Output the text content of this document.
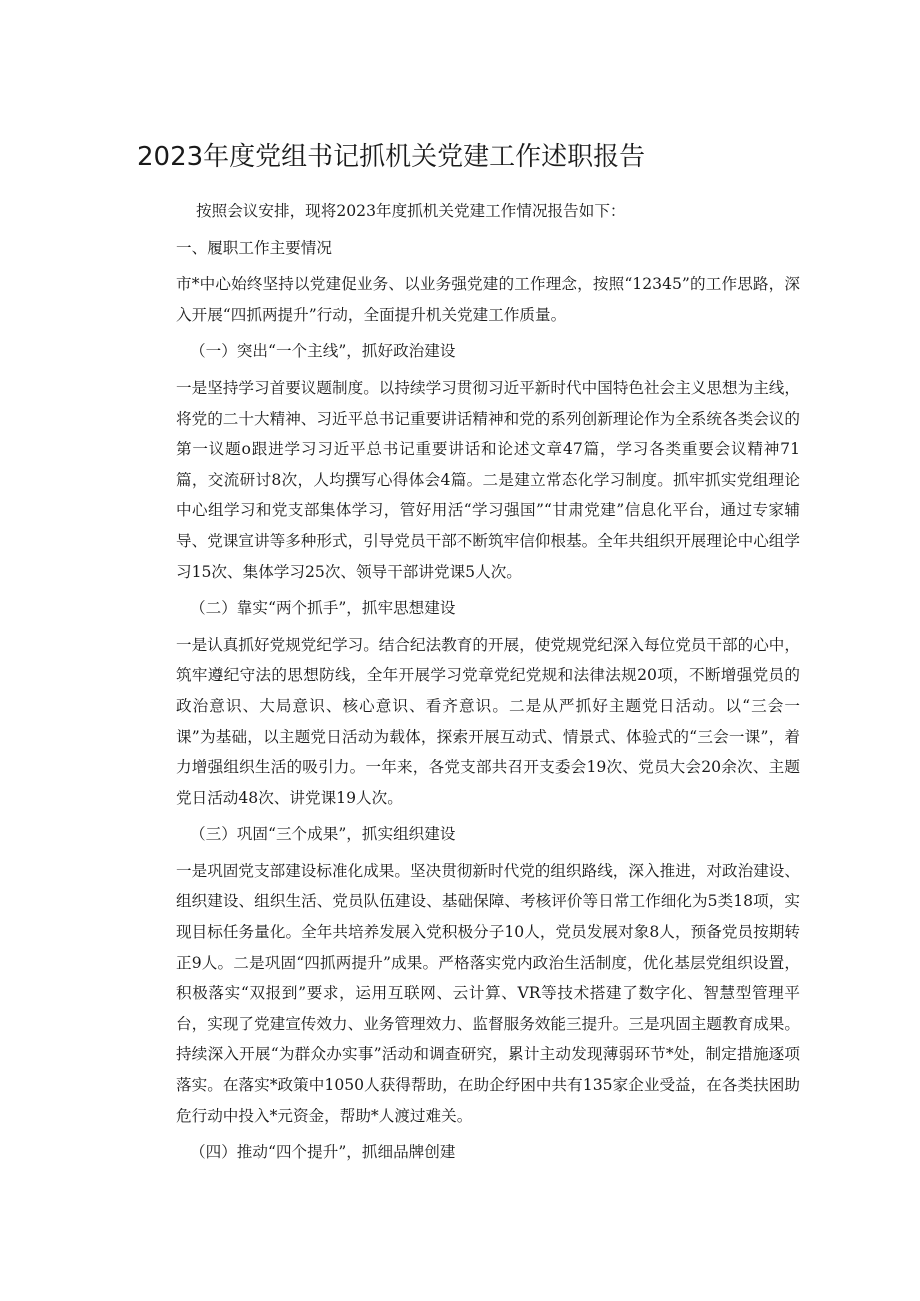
2023年度党组书记抓机关党建工作述职报告

按照会议安排，现将2023年度抓机关党建工作情况报告如下：

一、履职工作主要情况

市*中心始终坚持以党建促业务、以业务强党建的工作理念，按照“12345”的工作思路，深入开展“四抓两提升”行动，全面提升机关党建工作质量。

（一）突出“一个主线”，抓好政治建设

一是坚持学习首要议题制度。以持续学习贯彻习近平新时代中国特色社会主义思想为主线，将党的二十大精神、习近平总书记重要讲话精神和党的系列创新理论作为全系统各类会议的第一议题o跟进学习习近平总书记重要讲话和论述文章47篇，学习各类重要会议精神71篇，交流研讨8次，人均撰写心得体会4篇。二是建立常态化学习制度。抓牢抓实党组理论中心组学习和党支部集体学习，管好用活“学习强国”“甘肃党建”信息化平台，通过专家辅导、党课宣讲等多种形式，引导党员干部不断筑牢信仰根基。全年共组织开展理论中心组学习15次、集体学习25次、领导干部讲党课5人次。

（二）靠实“两个抓手”，抓牢思想建设

一是认真抓好党规党纪学习。结合纪法教育的开展，使党规党纪深入每位党员干部的心中，筑牢遵纪守法的思想防线，全年开展学习党章党纪党规和法律法规20项，不断增强党员的政治意识、大局意识、核心意识、看齐意识。二是从严抓好主题党日活动。以“三会一课”为基础，以主题党日活动为载体，探索开展互动式、情景式、体验式的“三会一课”，着力增强组织生活的吸引力。一年来，各党支部共召开支委会19次、党员大会20余次、主题党日活动48次、讲党课19人次。

（三）巩固“三个成果”，抓实组织建设

一是巩固党支部建设标准化成果。坚决贯彻新时代党的组织路线，深入推进，对政治建设、组织建设、组织生活、党员队伍建设、基础保障、考核评价等日常工作细化为5类18项，实现目标任务量化。全年共培养发展入党积极分子10人，党员发展对象8人，预备党员按期转正9人。二是巩固“四抓两提升”成果。严格落实党内政治生活制度，优化基层党组织设置，积极落实“双报到”要求，运用互联网、云计算、VR等技术搭建了数字化、智慧型管理平台，实现了党建宣传效力、业务管理效力、监督服务效能三提升。三是巩固主题教育成果。持续深入开展“为群众办实事”活动和调查研究，累计主动发现薄弱环节*处，制定措施逐项落实。在落实*政策中1050人获得帮助，在助企纾困中共有135家企业受益，在各类扶困助危行动中投入*元资金，帮助*人渡过难关。

（四）推动“四个提升”，抓细品牌创建
